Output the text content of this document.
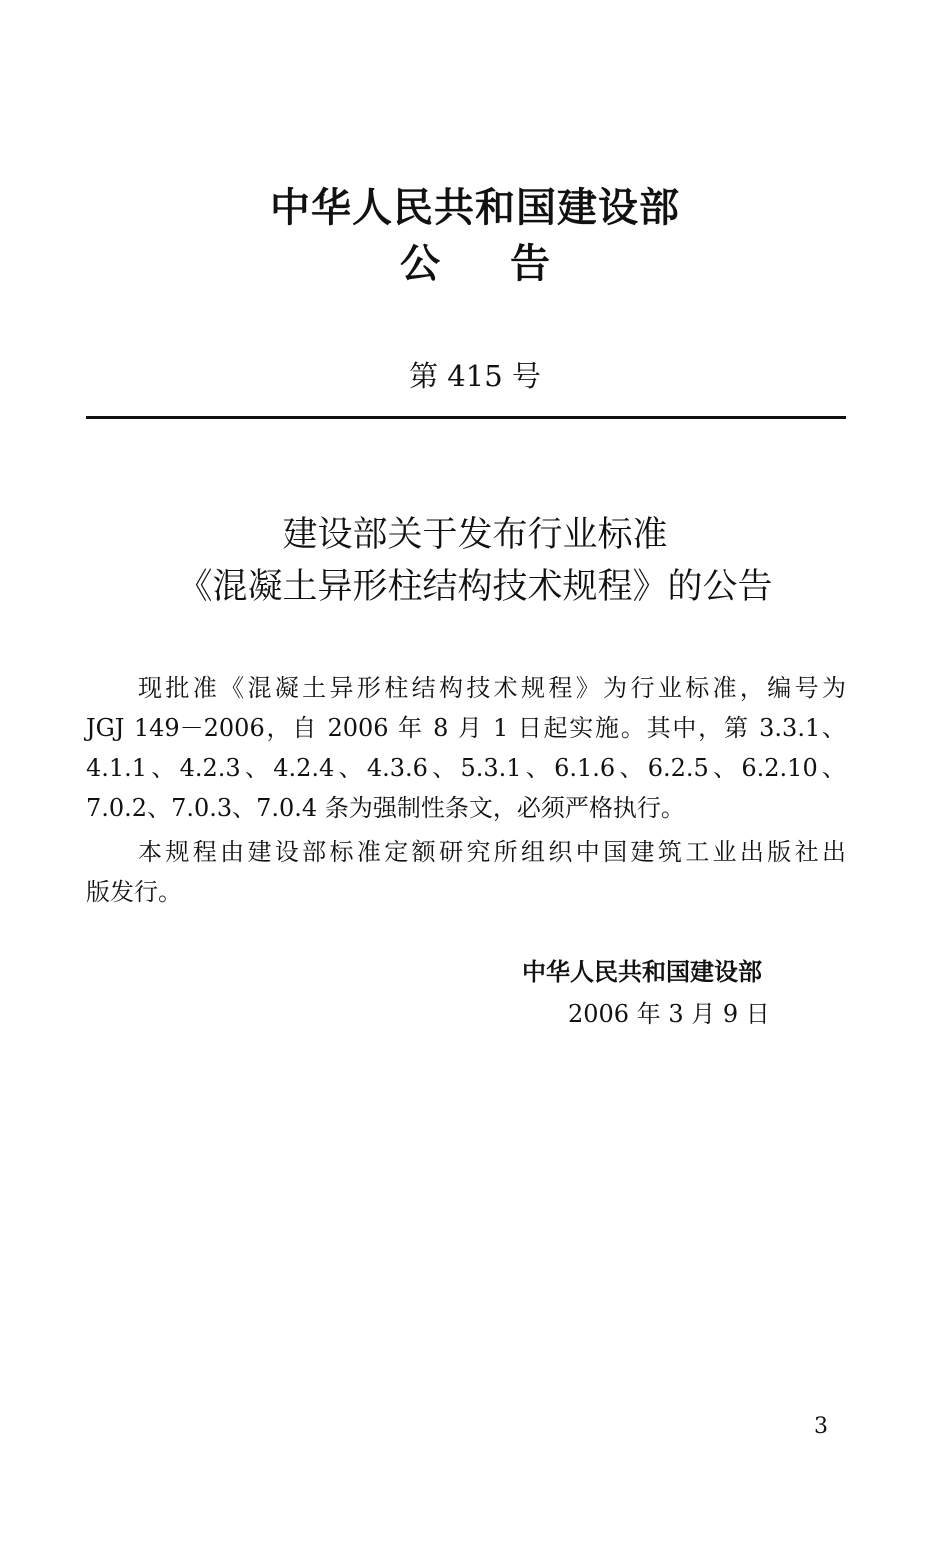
中华人民共和国建设部
公告
第 415 号
建设部关于发布行业标准
《混凝土异形柱结构技术规程》的公告
现批准《混凝土异形柱结构技术规程》为行业标准，编号为
JGJ 149－2006，自 2006 年 8 月 1 日起实施。其中，第 3.3.1、
4.1.1、4.2.3、4.2.4、4.3.6、5.3.1、6.1.6、6.2.5、6.2.10、
7.0.2、7.0.3、7.0.4 条为强制性条文，必须严格执行。
本规程由建设部标准定额研究所组织中国建筑工业出版社出
版发行。
中华人民共和国建设部
2006 年 3 月 9 日
3
